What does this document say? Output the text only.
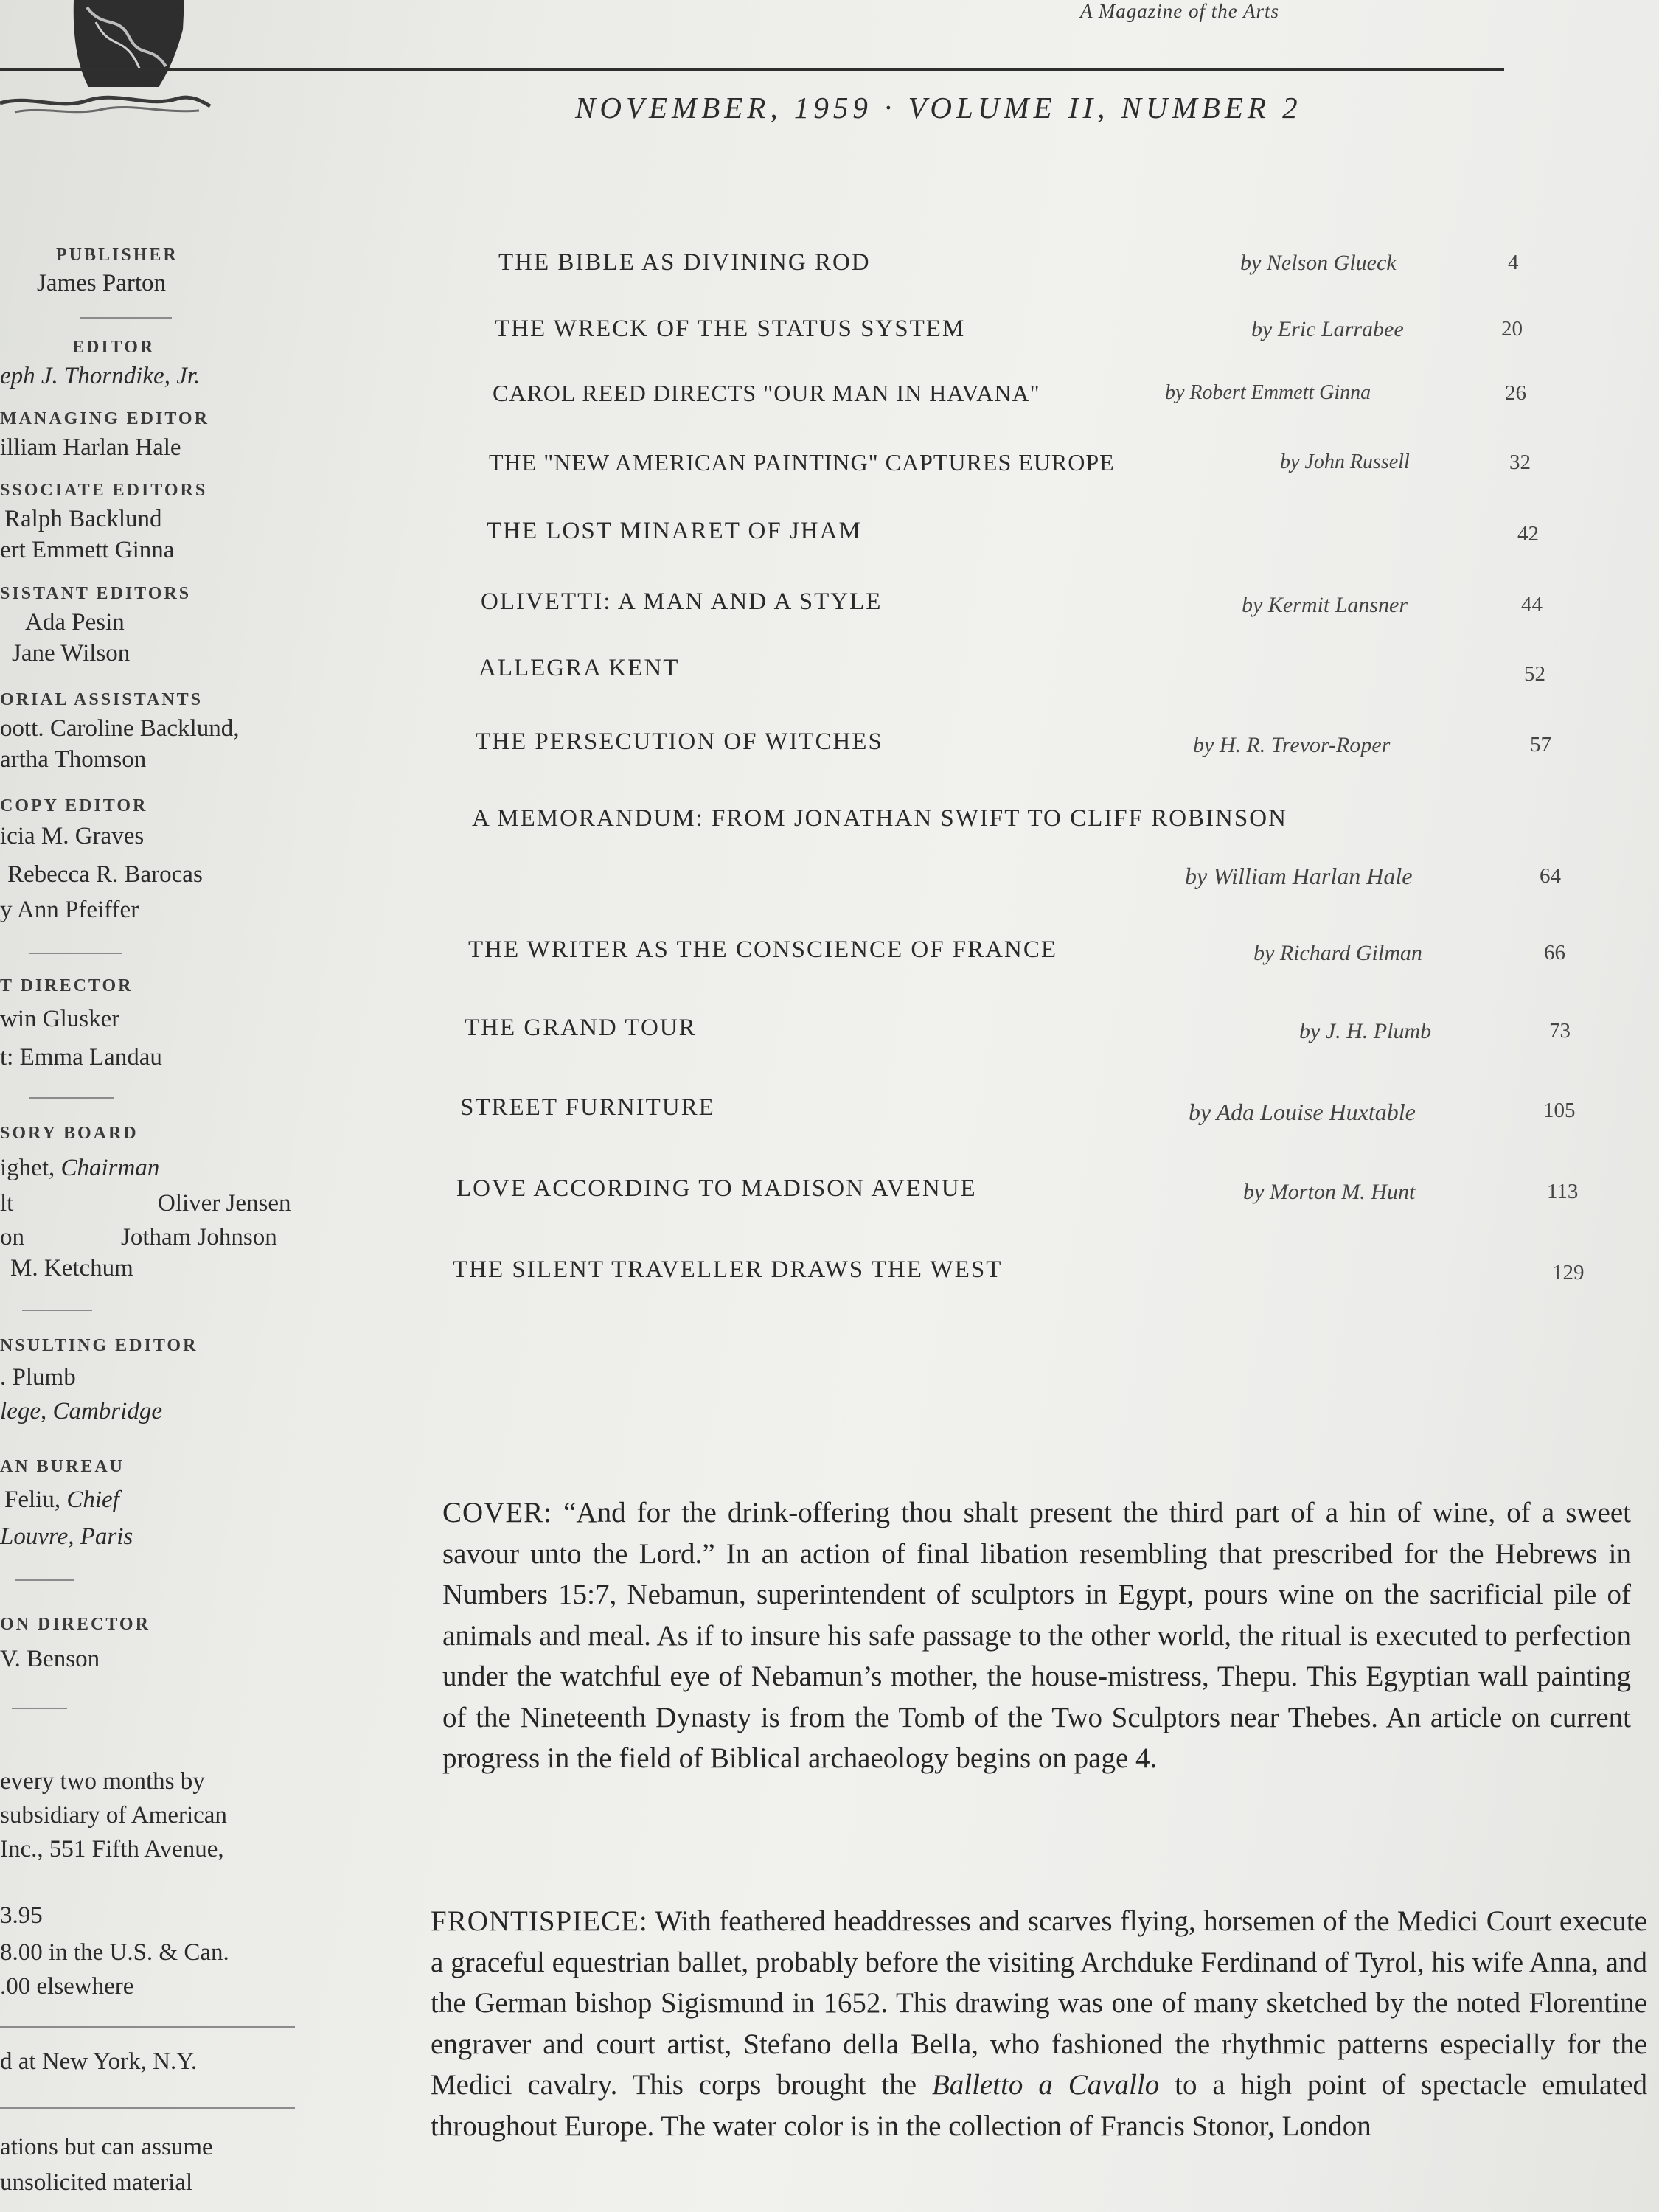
A Magazine of the Arts
NOVEMBER, 1959 · VOLUME II, NUMBER 2
PUBLISHER
James Parton
EDITOR
eph J. Thorndike, Jr.
MANAGING EDITOR
illiam Harlan Hale
SSOCIATE EDITORS
Ralph Backlund
ert Emmett Ginna
SISTANT EDITORS
Ada Pesin
Jane Wilson
ORIAL ASSISTANTS
oott. Caroline Backlund,
artha Thomson
COPY EDITOR
icia M. Graves
Rebecca R. Barocas
y Ann Pfeiffer
T DIRECTOR
win Glusker
t: Emma Landau
SORY BOARD
ighet, Chairman
lt	Oliver Jensen
on	Jotham Johnson
M. Ketchum
NSULTING EDITOR
. Plumb
lege, Cambridge
AN BUREAU
Feliu, Chief
Louvre, Paris
ON DIRECTOR
V. Benson
every two months by
subsidiary of American
Inc., 551 Fifth Avenue,
3.95
8.00 in the U.S. & Can.
.00 elsewhere
d at New York, N.Y.
ations but can assume
unsolicited material
THE BIBLE AS DIVINING ROD	by Nelson Glueck	4
THE WRECK OF THE STATUS SYSTEM	by Eric Larrabee	20
CAROL REED DIRECTS "OUR MAN IN HAVANA"	by Robert Emmett Ginna	26
THE "NEW AMERICAN PAINTING" CAPTURES EUROPE	by John Russell	32
THE LOST MINARET OF JHAM	42
OLIVETTI: A MAN AND A STYLE	by Kermit Lansner	44
ALLEGRA KENT	52
THE PERSECUTION OF WITCHES	by H. R. Trevor-Roper	57
A MEMORANDUM: FROM JONATHAN SWIFT TO CLIFF ROBINSON
by William Harlan Hale	64
THE WRITER AS THE CONSCIENCE OF FRANCE	by Richard Gilman	66
THE GRAND TOUR	by J. H. Plumb	73
STREET FURNITURE	by Ada Louise Huxtable	105
LOVE ACCORDING TO MADISON AVENUE	by Morton M. Hunt	113
THE SILENT TRAVELLER DRAWS THE WEST	129

COVER: “And for the drink-offering thou shalt present the third part of a hin of wine, of a sweet savour unto the Lord.” In an action of final libation resembling that prescribed for the Hebrews in Numbers 15:7, Nebamun, superintendent of sculptors in Egypt, pours wine on the sacrificial pile of animals and meal. As if to insure his safe passage to the other world, the ritual is executed to perfection under the watchful eye of Nebamun’s mother, the house-mistress, Thepu. This Egyptian wall painting of the Nineteenth Dynasty is from the Tomb of the Two Sculptors near Thebes. An article on current progress in the field of Biblical archaeology begins on page 4.

FRONTISPIECE: With feathered headdresses and scarves flying, horsemen of the Medici Court execute a graceful equestrian ballet, probably before the visiting Archduke Ferdinand of Tyrol, his wife Anna, and the German bishop Sigismund in 1652. This drawing was one of many sketched by the noted Florentine engraver and court artist, Stefano della Bella, who fashioned the rhythmic patterns especially for the Medici cavalry. This corps brought the Balletto a Cavallo to a high point of spectacle emulated throughout Europe. The water color is in the collection of Francis Stonor, London
